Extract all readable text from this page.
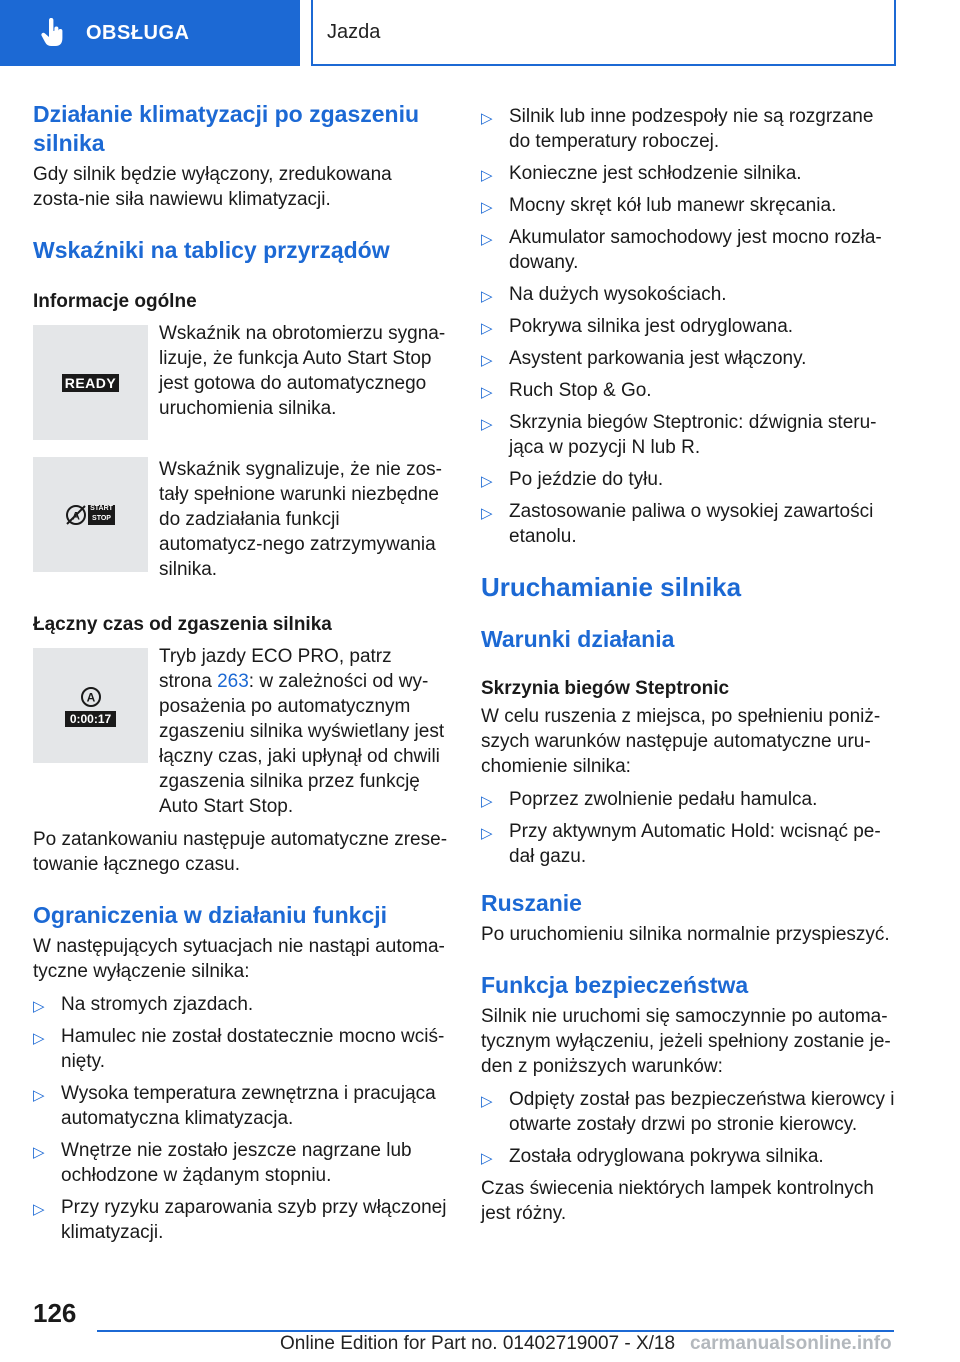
OBSŁUGA	Jazda
Działanie klimatyzacji po zgaszeniu silnika

Gdy silnik będzie wyłączony, zredukowana zosta-nie siła nawiewu klimatyzacji.

Wskaźniki na tablicy przyrządów
Informacje ogólne
READY

Wskaźnik na obrotomierzu sygna-lizuje, że funkcja Auto Start Stop jest gotowa do automatycznego uruchomienia silnika.

A
START STOP

Wskaźnik sygnalizuje, że nie zos-tały spełnione warunki niezbędne do zadziałania funkcji automatycz-nego zatrzymywania silnika.

Łączny czas od zgaszenia silnika
A
0:00:17

Tryb jazdy ECO PRO, patrz strona 263: w zależności od wy-posażenia po automatycznym zgaszeniu silnika wyświetlany jest łączny czas, jaki upłynął od chwili zgaszenia silnika przez funkcję Auto Start Stop.

Po zatankowaniu następuje automatyczne zrese-towanie łącznego czasu.

Ograniczenia w działaniu funkcji

W następujących sytuacjach nie nastąpi automa-tyczne wyłączenie silnika:

▷ Na stromych zjazdach.
▷ Hamulec nie został dostatecznie mocno wciś-nięty.
▷ Wysoka temperatura zewnętrzna i pracująca automatyczna klimatyzacja.
▷ Wnętrze nie zostało jeszcze nagrzane lub ochłodzone w żądanym stopniu.
▷ Przy ryzyku zaparowania szyb przy włączonej klimatyzacji.
▷ Silnik lub inne podzespoły nie są rozgrzane do temperatury roboczej.
▷ Konieczne jest schłodzenie silnika.
▷ Mocny skręt kół lub manewr skręcania.
▷ Akumulator samochodowy jest mocno rozła-dowany.
▷ Na dużych wysokościach.
▷ Pokrywa silnika jest odryglowana.
▷ Asystent parkowania jest włączony.
▷ Ruch Stop & Go.
▷ Skrzynia biegów Steptronic: dźwignia steru-jąca w pozycji N lub R.
▷ Po jeździe do tyłu.
▷ Zastosowanie paliwa o wysokiej zawartości etanolu.
Uruchamianie silnika
Warunki działania
Skrzynia biegów Steptronic

W celu ruszenia z miejsca, po spełnieniu poniż-szych warunków następuje automatyczne uru-chomienie silnika:

▷ Poprzez zwolnienie pedału hamulca.
▷ Przy aktywnym Automatic Hold: wcisnąć pe-dał gazu.
Ruszanie

Po uruchomieniu silnika normalnie przyspieszyć.

Funkcja bezpieczeństwa

Silnik nie uruchomi się samoczynnie po automa-tycznym wyłączeniu, jeżeli spełniony zostanie je-den z poniższych warunków:

▷ Odpięty został pas bezpieczeństwa kierowcy i otwarte zostały drzwi po stronie kierowcy.
▷ Została odryglowana pokrywa silnika.

Czas świecenia niektórych lampek kontrolnych jest różny.

126
Online Edition for Part no. 01402719007 - X/18 carmanualsonline.info
